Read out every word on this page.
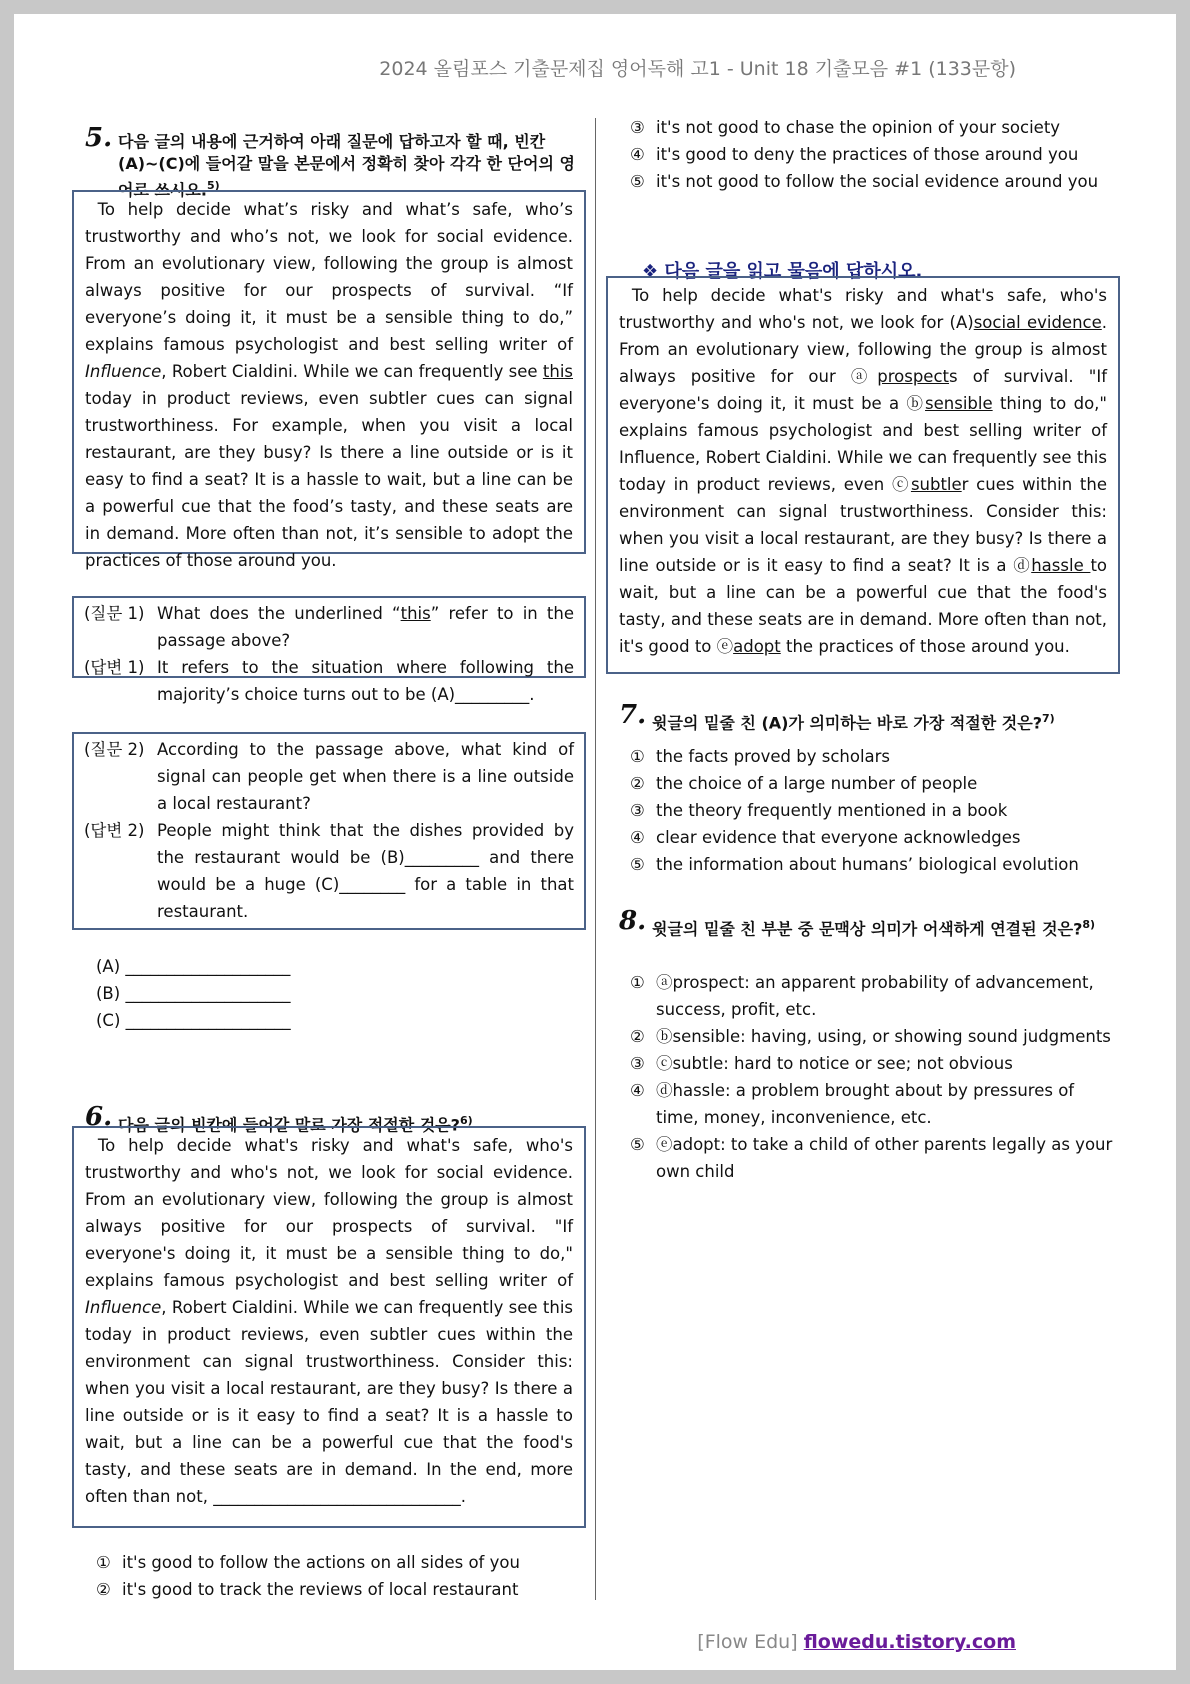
2024 올림포스 기출문제집 영어독해 고1 - Unit 18 기출모음 #1 (133문항)
5. 다음 글의 내용에 근거하여 아래 질문에 답하고자 할 때, 빈칸 (A)~(C)에 들어갈 말을 본문에서 정확히 찾아 각각 한 단어의 영어로 쓰시오.$^{5)}$

To help decide what’s risky and what’s safe, who’s trustworthy and who’s not, we look for social evidence. From an evolutionary view, following the group is almost always positive for our prospects of survival. “If everyone’s doing it, it must be a sensible thing to do,” explains famous psychologist and best selling writer of Influence, Robert Cialdini. While we can frequently see this today in product reviews, even subtler cues can signal trustworthiness. For example, when you visit a local restaurant, are they busy? Is there a line outside or is it easy to find a seat? It is a hassle to wait, but a line can be a powerful cue that the food’s tasty, and these seats are in demand. More often than not, it’s sensible to adopt the practices of those around you.

(질문 1) What does the underlined “this” refer to in the passage above?
(답변 1) It refers to the situation where following the majority’s choice turns out to be (A)_________.
(질문 2) According to the passage above, what kind of signal can people get when there is a line outside a local restaurant?
(답변 2) People might think that the dishes provided by the restaurant would be (B)_________ and there would be a huge (C)________ for a table in that restaurant.
(A) ____________________
(B) ____________________
(C) ____________________
6. 다음 글의 빈칸에 들어갈 말로 가장 적절한 것은?$^{6)}$

To help decide what's risky and what's safe, who's trustworthy and who's not, we look for social evidence. From an evolutionary view, following the group is almost always positive for our prospects of survival. "If everyone's doing it, it must be a sensible thing to do," explains famous psychologist and best selling writer of Influence, Robert Cialdini. While we can frequently see this today in product reviews, even subtler cues within the environment can signal trustworthiness. Consider this: when you visit a local restaurant, are they busy? Is there a line outside or is it easy to find a seat? It is a hassle to wait, but a line can be a powerful cue that the food's tasty, and these seats are in demand. In the end, more often than not, ______________________________.

① it's good to follow the actions on all sides of you
② it's good to track the reviews of local restaurant
③ it's not good to chase the opinion of your society
④ it's good to deny the practices of those around you
⑤ it's not good to follow the social evidence around you
❖ 다음 글을 읽고 물음에 답하시오.

To help decide what's risky and what's safe, who's trustworthy and who's not, we look for (A)social evidence. From an evolutionary view, following the group is almost always positive for our ⓐprospects of survival. "If everyone's doing it, it must be a ⓑsensible thing to do," explains famous psychologist and best selling writer of Influence, Robert Cialdini. While we can frequently see this today in product reviews, even ⓒsubtler cues within the environment can signal trustworthiness. Consider this: when you visit a local restaurant, are they busy? Is there a line outside or is it easy to find a seat? It is a ⓓhassle to wait, but a line can be a powerful cue that the food's tasty, and these seats are in demand. More often than not, it's good to ⓔadopt the practices of those around you.

7. 윗글의 밑줄 친 (A)가 의미하는 바로 가장 적절한 것은?$^{7)}$
① the facts proved by scholars
② the choice of a large number of people
③ the theory frequently mentioned in a book
④ clear evidence that everyone acknowledges
⑤ the information about humans’ biological evolution
8. 윗글의 밑줄 친 부분 중 문맥상 의미가 어색하게 연결된 것은?$^{8)}$
① ⓐprospect: an apparent probability of advancement, success, profit, etc.
② ⓑsensible: having, using, or showing sound judgments
③ ⓒsubtle: hard to notice or see; not obvious
④ ⓓhassle: a problem brought about by pressures of time, money, inconvenience, etc.
⑤ ⓔadopt: to take a child of other parents legally as your own child
[Flow Edu] flowedu.tistory.com
